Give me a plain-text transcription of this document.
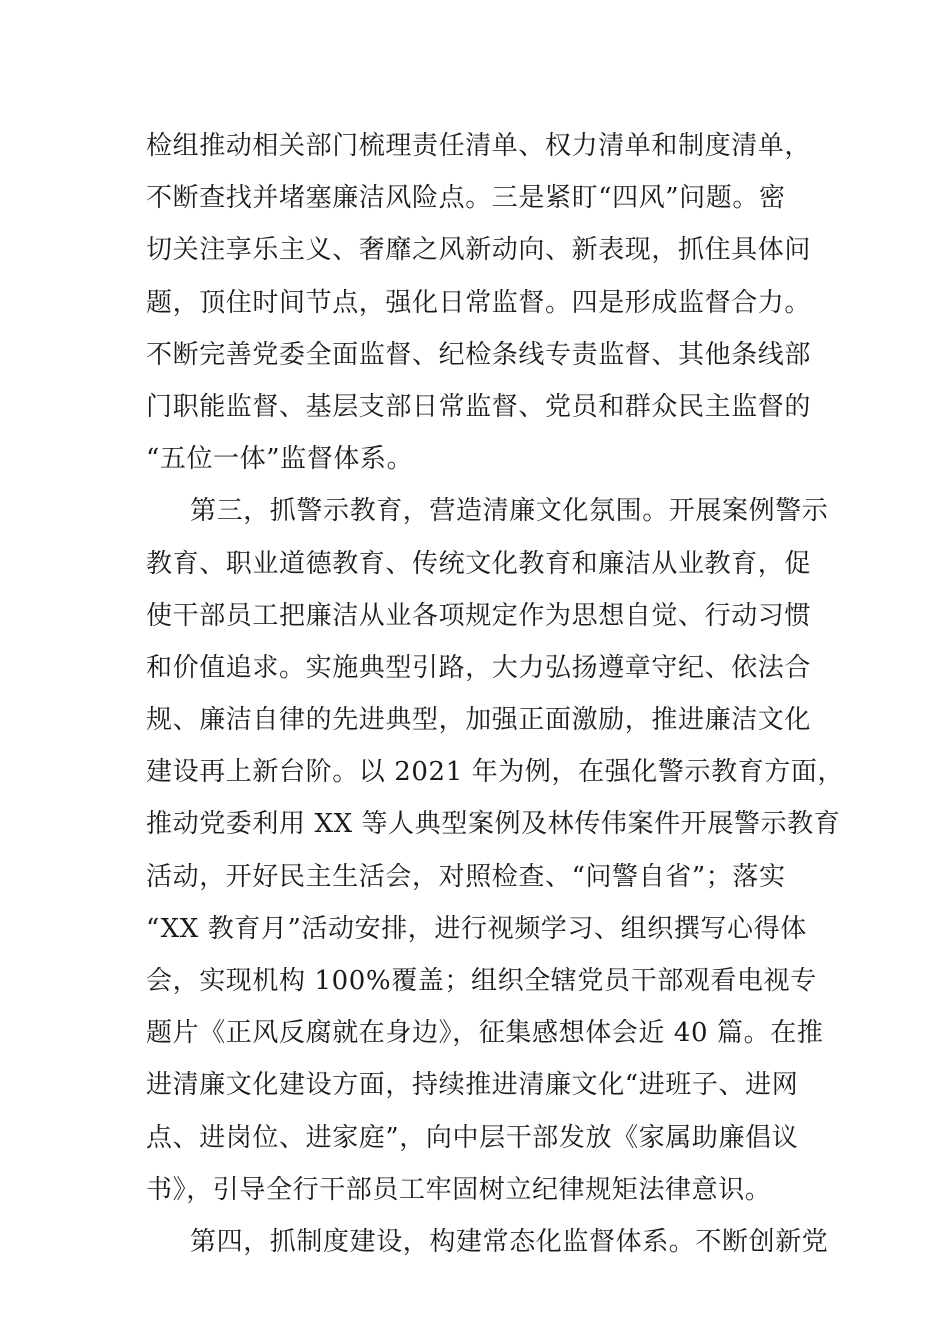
检组推动相关部门梳理责任清单、权力清单和制度清单，
不断查找并堵塞廉洁风险点。三是紧盯“四风”问题。密
切关注享乐主义、奢靡之风新动向、新表现，抓住具体问
题，顶住时间节点，强化日常监督。四是形成监督合力。
不断完善党委全面监督、纪检条线专责监督、其他条线部
门职能监督、基层支部日常监督、党员和群众民主监督的
“五位一体”监督体系。
第三，抓警示教育，营造清廉文化氛围。开展案例警示
教育、职业道德教育、传统文化教育和廉洁从业教育，促
使干部员工把廉洁从业各项规定作为思想自觉、行动习惯
和价值追求。实施典型引路，大力弘扬遵章守纪、依法合
规、廉洁自律的先进典型，加强正面激励，推进廉洁文化
建设再上新台阶。以 2021 年为例，在强化警示教育方面，
推动党委利用 XX 等人典型案例及林传伟案件开展警示教育
活动，开好民主生活会，对照检查、“问警自省”；落实
“XX 教育月”活动安排，进行视频学习、组织撰写心得体
会，实现机构 100%覆盖；组织全辖党员干部观看电视专
题片《正风反腐就在身边》，征集感想体会近 40 篇。在推
进清廉文化建设方面，持续推进清廉文化“进班子、进网
点、进岗位、进家庭”，向中层干部发放《家属助廉倡议
书》，引导全行干部员工牢固树立纪律规矩法律意识。
第四，抓制度建设，构建常态化监督体系。不断创新党
